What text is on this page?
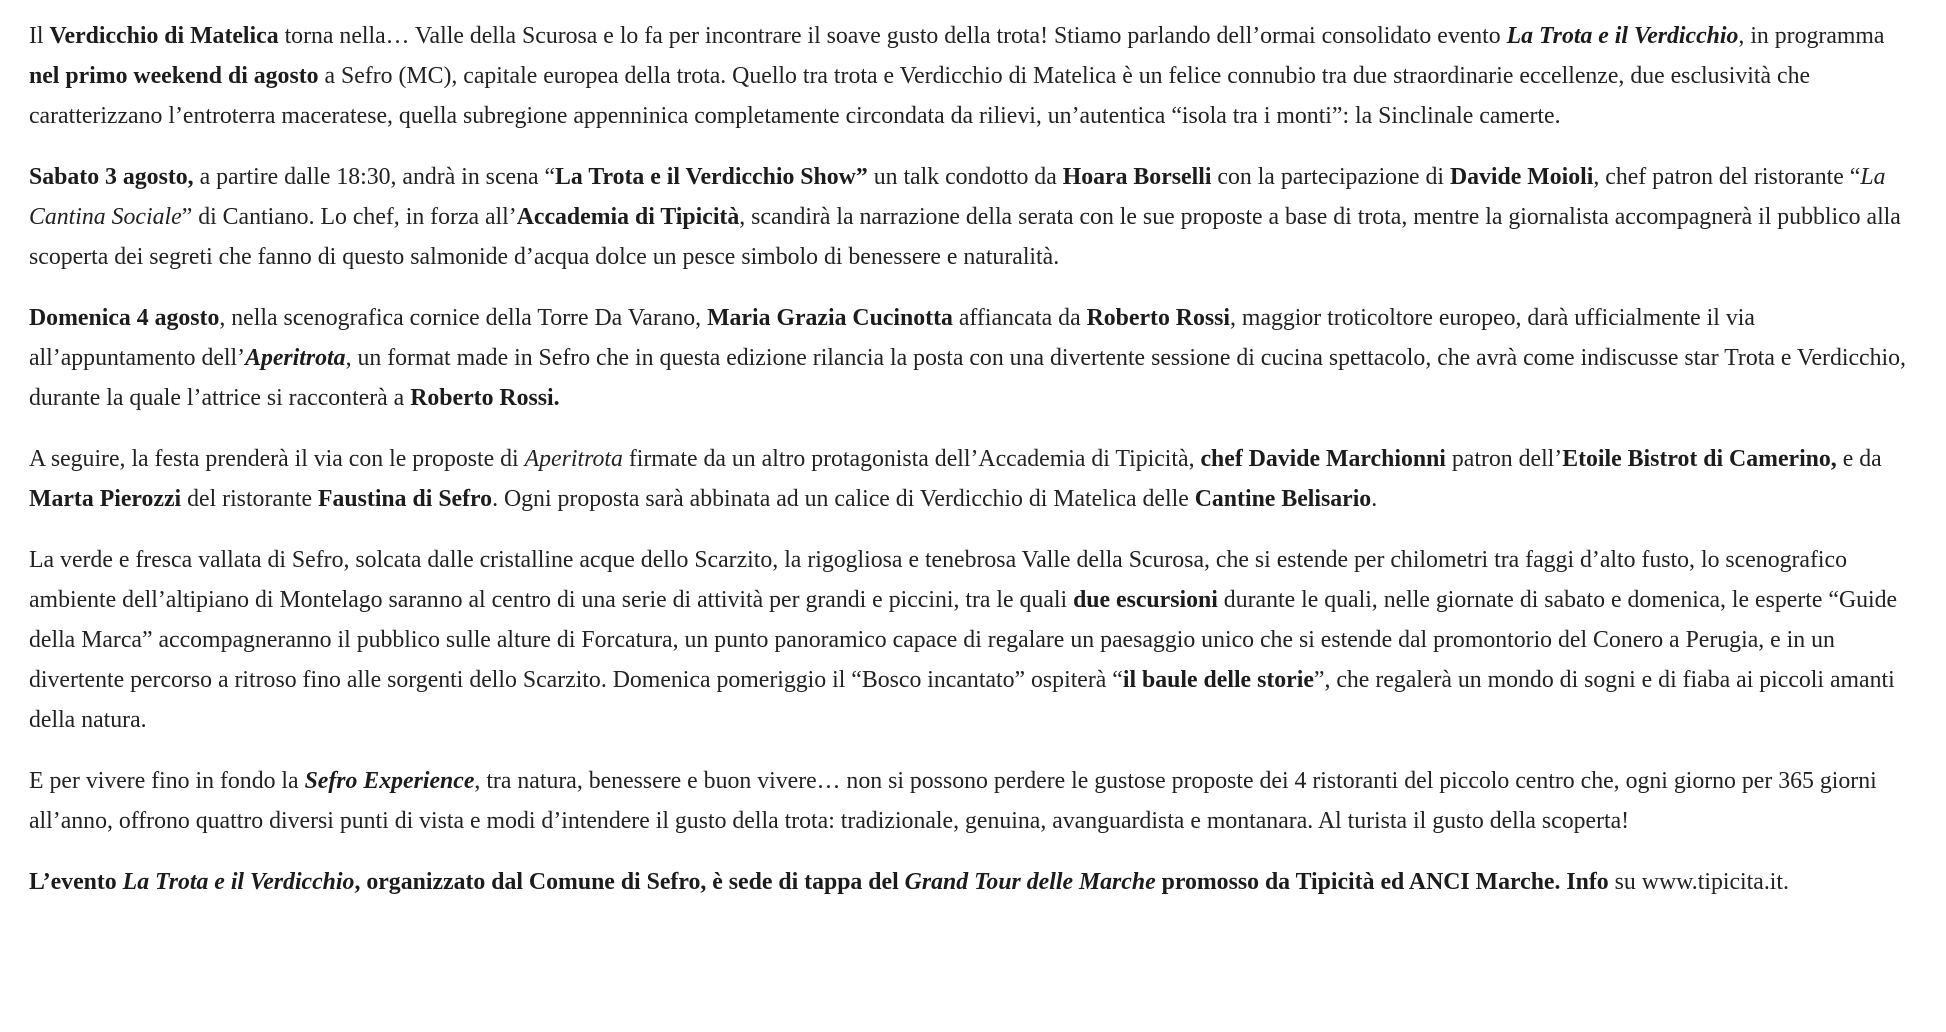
Il Verdicchio di Matelica torna nella… Valle della Scurosa e lo fa per incontrare il soave gusto della trota! Stiamo parlando dell’ormai consolidato evento La Trota e il Verdicchio, in programma nel primo weekend di agosto a Sefro (MC), capitale europea della trota. Quello tra trota e Verdicchio di Matelica è un felice connubio tra due straordinarie eccellenze, due esclusività che caratterizzano l’entroterra maceratese, quella subregione appenninica completamente circondata da rilievi, un’autentica “isola tra i monti”: la Sinclinale camerte.

Sabato 3 agosto, a partire dalle 18:30, andrà in scena “La Trota e il Verdicchio Show” un talk condotto da Hoara Borselli con la partecipazione di Davide Moioli, chef patron del ristorante “La Cantina Sociale” di Cantiano. Lo chef, in forza all’Accademia di Tipicità, scandirà la narrazione della serata con le sue proposte a base di trota, mentre la giornalista accompagnerà il pubblico alla scoperta dei segreti che fanno di questo salmonide d’acqua dolce un pesce simbolo di benessere e naturalità.

Domenica 4 agosto, nella scenografica cornice della Torre Da Varano, Maria Grazia Cucinotta affiancata da Roberto Rossi, maggior troticoltore europeo, darà ufficialmente il via all’appuntamento dell’Aperitrota, un format made in Sefro che in questa edizione rilancia la posta con una divertente sessione di cucina spettacolo, che avrà come indiscusse star Trota e Verdicchio, durante la quale l’attrice si racconterà a Roberto Rossi.

A seguire, la festa prenderà il via con le proposte di Aperitrota firmate da un altro protagonista dell’Accademia di Tipicità, chef Davide Marchionni patron dell’Etoile Bistrot di Camerino, e da Marta Pierozzi del ristorante Faustina di Sefro. Ogni proposta sarà abbinata ad un calice di Verdicchio di Matelica delle Cantine Belisario.

La verde e fresca vallata di Sefro, solcata dalle cristalline acque dello Scarzito, la rigogliosa e tenebrosa Valle della Scurosa, che si estende per chilometri tra faggi d’alto fusto, lo scenografico ambiente dell’altipiano di Montelago saranno al centro di una serie di attività per grandi e piccini, tra le quali due escursioni durante le quali, nelle giornate di sabato e domenica, le esperte “Guide della Marca” accompagneranno il pubblico sulle alture di Forcatura, un punto panoramico capace di regalare un paesaggio unico che si estende dal promontorio del Conero a Perugia, e in un divertente percorso a ritroso fino alle sorgenti dello Scarzito. Domenica pomeriggio il “Bosco incantato” ospiterà “il baule delle storie”, che regalerà un mondo di sogni e di fiaba ai piccoli amanti della natura.

E per vivere fino in fondo la Sefro Experience, tra natura, benessere e buon vivere… non si possono perdere le gustose proposte dei 4 ristoranti del piccolo centro che, ogni giorno per 365 giorni all’anno, offrono quattro diversi punti di vista e modi d’intendere il gusto della trota: tradizionale, genuina, avanguardista e montanara. Al turista il gusto della scoperta!

L’evento La Trota e il Verdicchio, organizzato dal Comune di Sefro, è sede di tappa del Grand Tour delle Marche promosso da Tipicità ed ANCI Marche. Info su www.tipicita.it.
